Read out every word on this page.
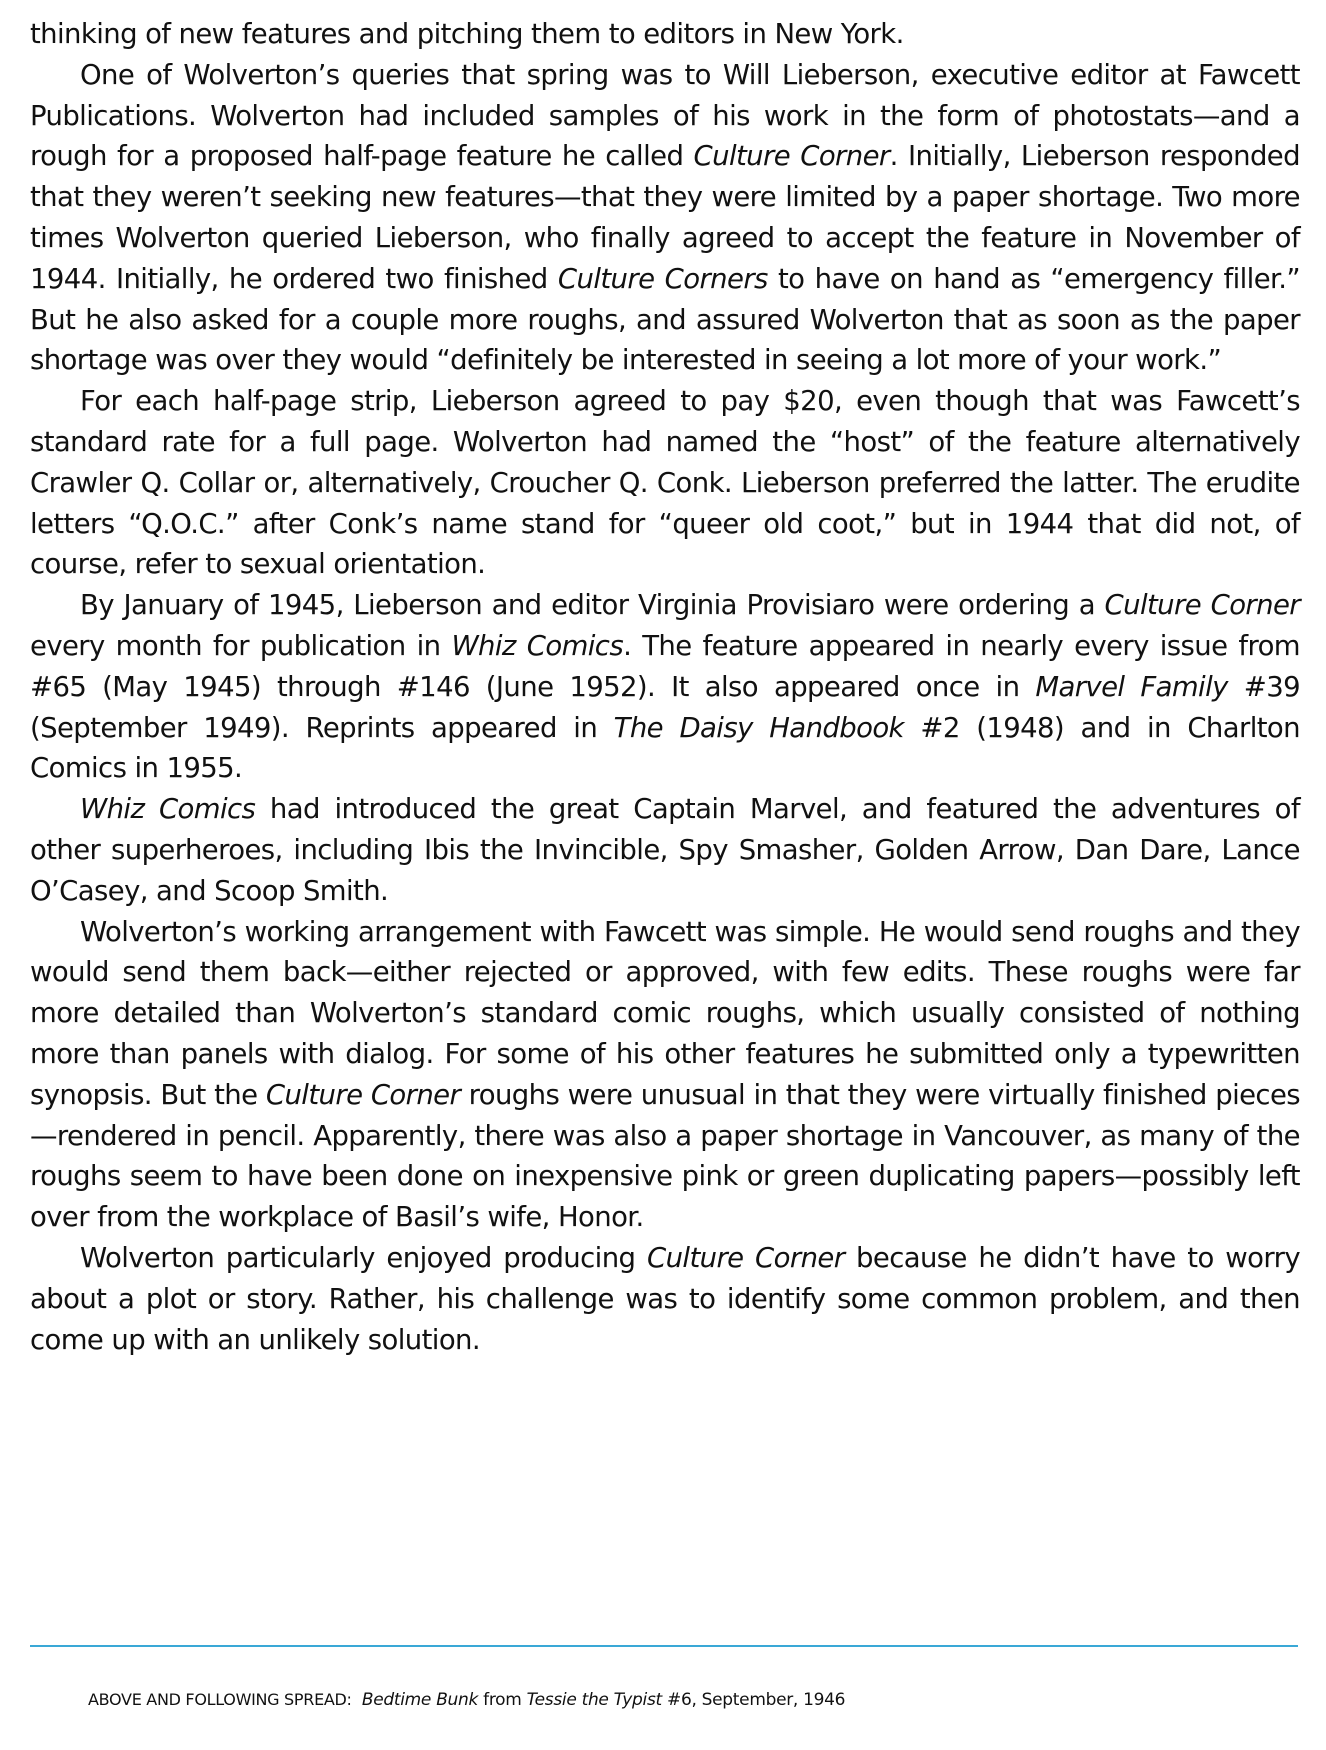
thinking of new features and pitching them to editors in New York.

One of Wolverton’s queries that spring was to Will Lieberson, executive editor at Fawcett Publications. Wolverton had included samples of his work in the form of photostats—and a rough for a proposed half-page feature he called Culture Corner. Initially, Lieberson responded that they weren’t seeking new features—that they were limited by a paper shortage. Two more times Wolverton queried Lieberson, who finally agreed to accept the feature in November of 1944. Initially, he ordered two finished Culture Corners to have on hand as “emergency filler.” But he also asked for a couple more roughs, and assured Wolverton that as soon as the paper shortage was over they would “definitely be interested in seeing a lot more of your work.”

For each half-page strip, Lieberson agreed to pay $20, even though that was Fawcett’s standard rate for a full page. Wolverton had named the “host” of the feature alternatively Crawler Q. Collar or, alternatively, Croucher Q. Conk. Lieberson preferred the latter. The erudite letters “Q.O.C.” after Conk’s name stand for “queer old coot,” but in 1944 that did not, of course, refer to sexual orientation.

By January of 1945, Lieberson and editor Virginia Provisiaro were ordering a Culture Corner every month for publication in Whiz Comics. The feature appeared in nearly every issue from #65 (May 1945) through #146 (June 1952). It also appeared once in Marvel Family #39 (September 1949). Reprints appeared in The Daisy Handbook #2 (1948) and in Charlton Comics in 1955.

Whiz Comics had introduced the great Captain Marvel, and featured the adventures of other superheroes, including Ibis the Invincible, Spy Smasher, Golden Arrow, Dan Dare, Lance O’Casey, and Scoop Smith.

Wolverton’s working arrangement with Fawcett was simple. He would send roughs and they would send them back—either rejected or approved, with few edits. These roughs were far more detailed than Wolverton’s standard comic roughs, which usually consisted of nothing more than panels with dialog. For some of his other features he submitted only a typewritten synopsis. But the Culture Corner roughs were unusual in that they were virtually finished pieces—rendered in pencil. Apparently, there was also a paper shortage in Vancouver, as many of the roughs seem to have been done on inexpensive pink or green duplicating papers—possibly left over from the workplace of Basil’s wife, Honor.

Wolverton particularly enjoyed producing Culture Corner because he didn’t have to worry about a plot or story. Rather, his challenge was to identify some common problem, and then come up with an unlikely solution.

ABOVE AND FOLLOWING SPREAD: Bedtime Bunk from Tessie the Typist #6, September, 1946
